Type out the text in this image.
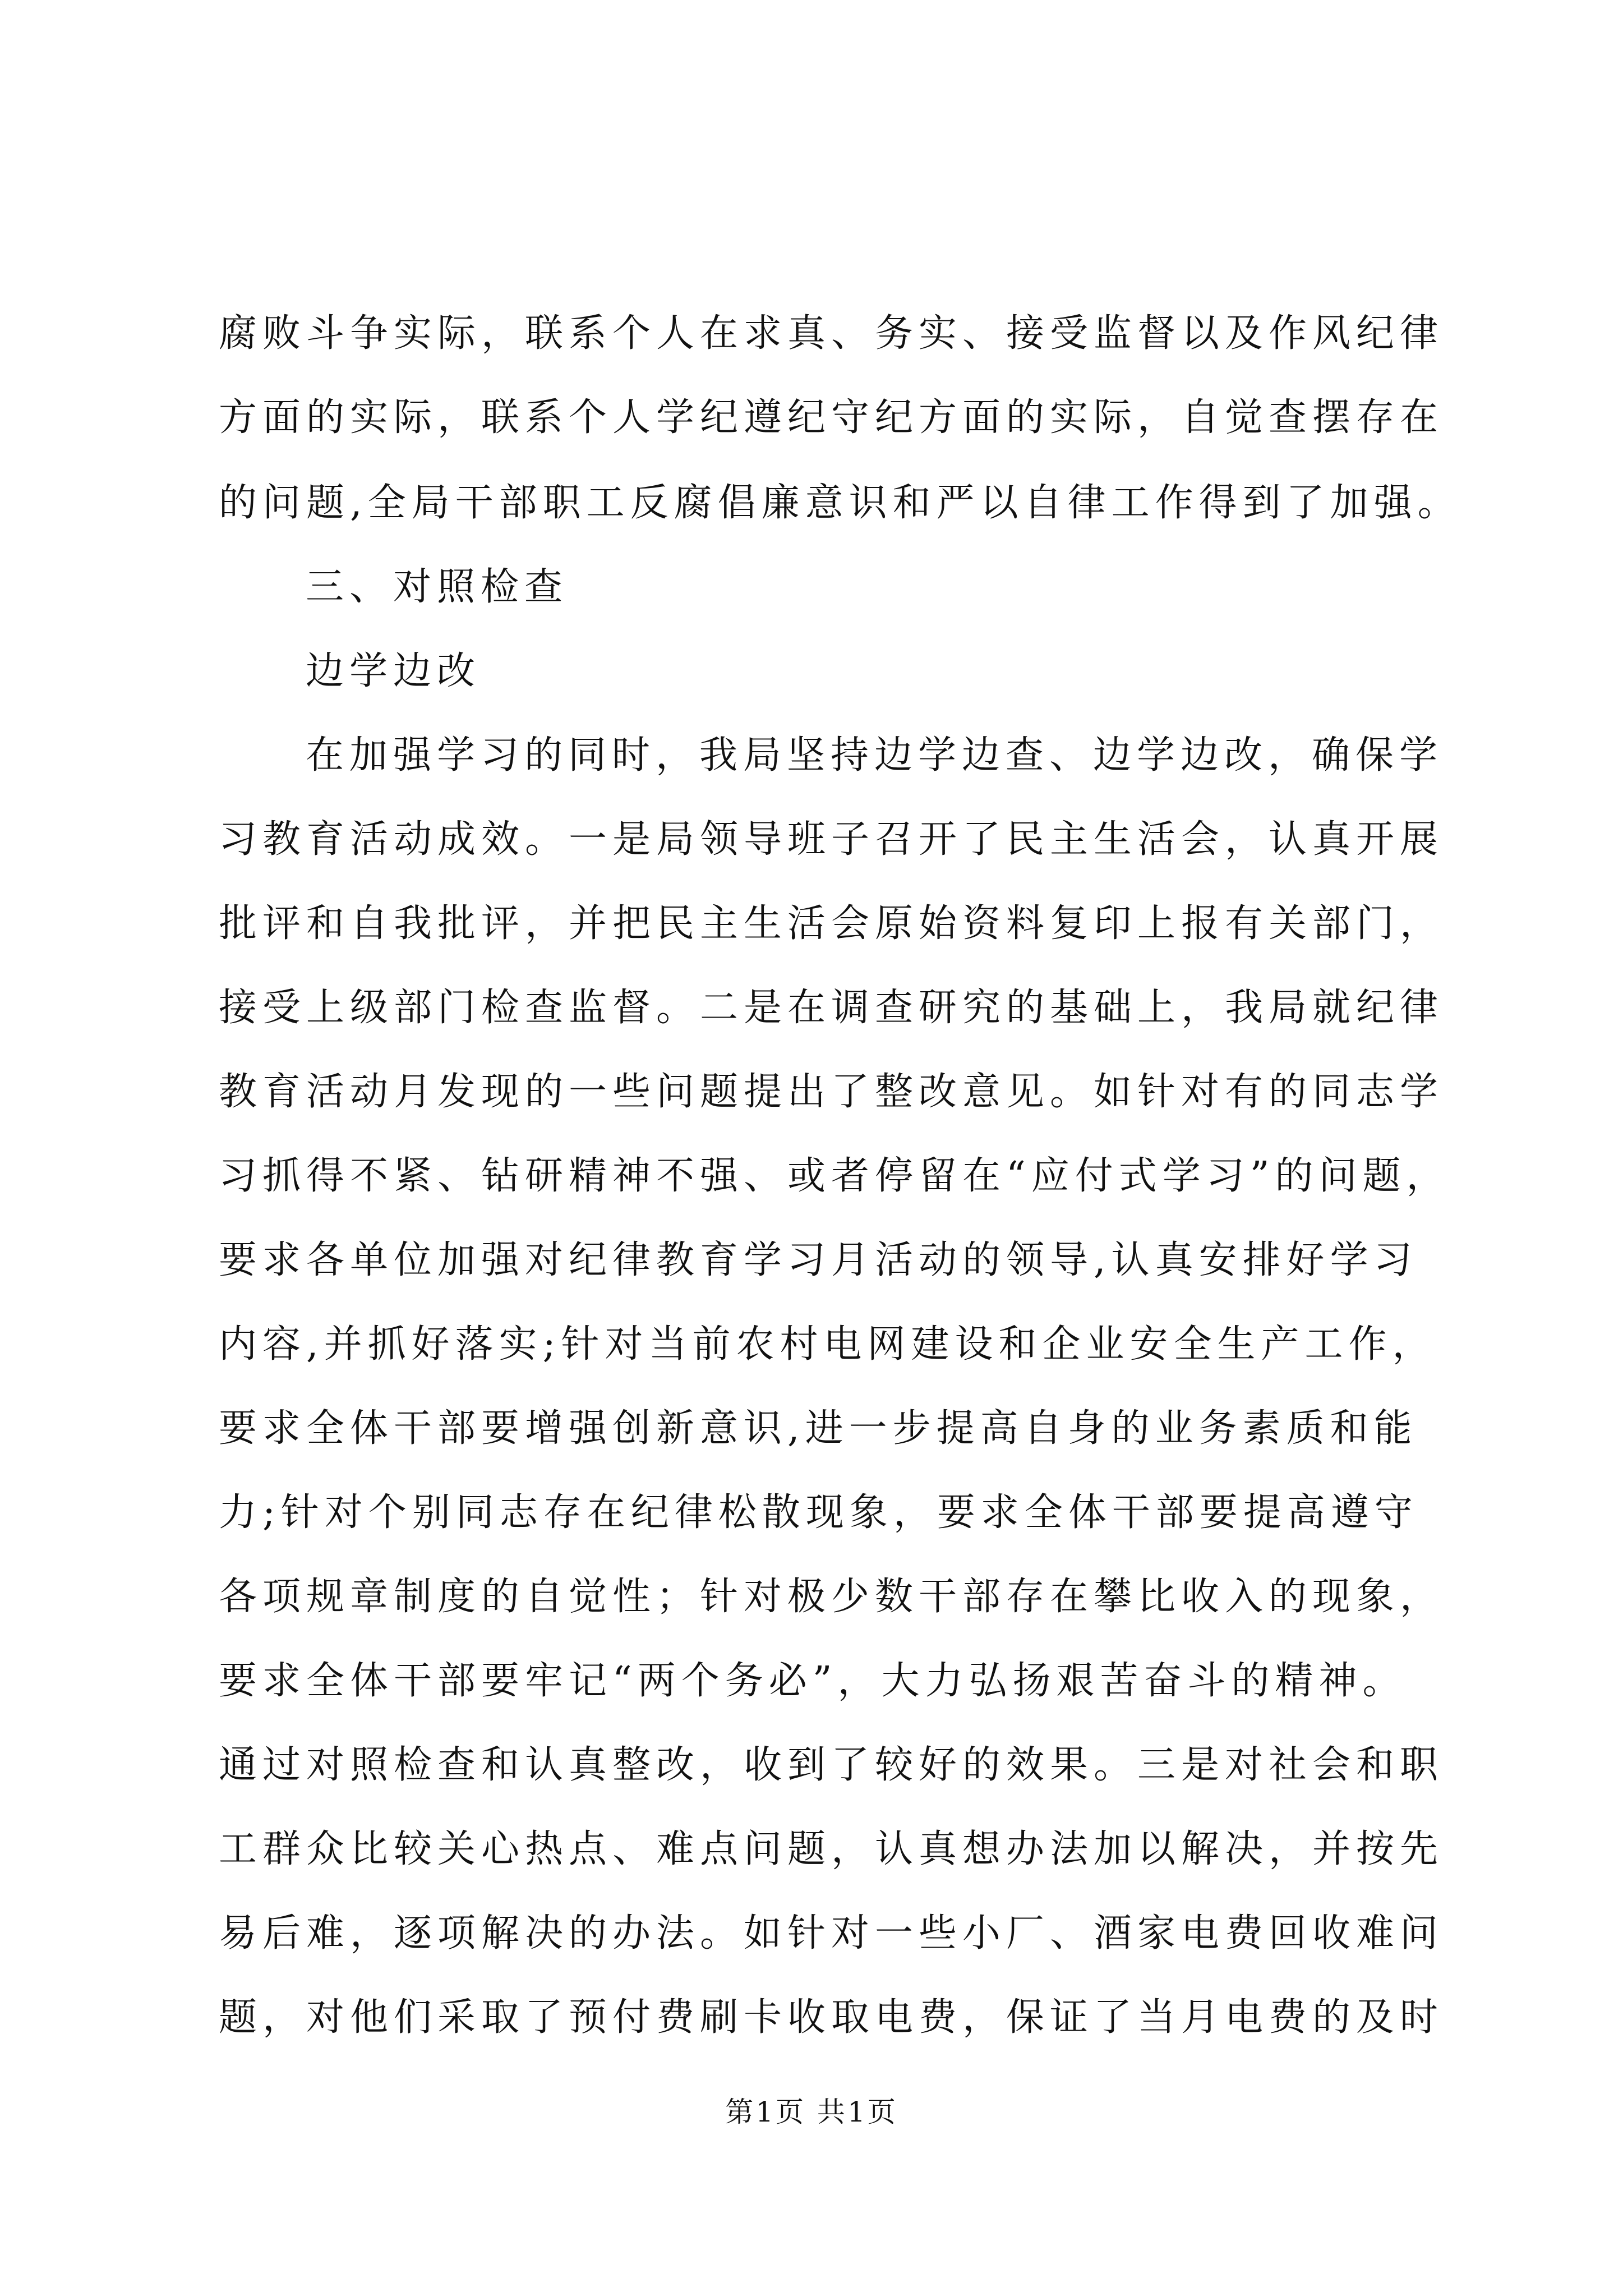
腐败斗争实际，联系个人在求真、务实、接受监督以及作风纪律
方面的实际，联系个人学纪遵纪守纪方面的实际，自觉查摆存在
的问题,全局干部职工反腐倡廉意识和严以自律工作得到了加强。
三、对照检查
边学边改
在加强学习的同时，我局坚持边学边查、边学边改，确保学
习教育活动成效。一是局领导班子召开了民主生活会，认真开展
批评和自我批评，并把民主生活会原始资料复印上报有关部门，
接受上级部门检查监督。二是在调查研究的基础上，我局就纪律
教育活动月发现的一些问题提出了整改意见。如针对有的同志学
习抓得不紧、钻研精神不强、或者停留在“应付式学习”的问题，
要求各单位加强对纪律教育学习月活动的领导,认真安排好学习
内容,并抓好落实;针对当前农村电网建设和企业安全生产工作，
要求全体干部要增强创新意识,进一步提高自身的业务素质和能
力;针对个别同志存在纪律松散现象，要求全体干部要提高遵守
各项规章制度的自觉性；针对极少数干部存在攀比收入的现象，
要求全体干部要牢记“两个务必”，大力弘扬艰苦奋斗的精神。
通过对照检查和认真整改，收到了较好的效果。三是对社会和职
工群众比较关心热点、难点问题，认真想办法加以解决，并按先
易后难，逐项解决的办法。如针对一些小厂、酒家电费回收难问
题，对他们采取了预付费刷卡收取电费，保证了当月电费的及时
第1页 共1页
